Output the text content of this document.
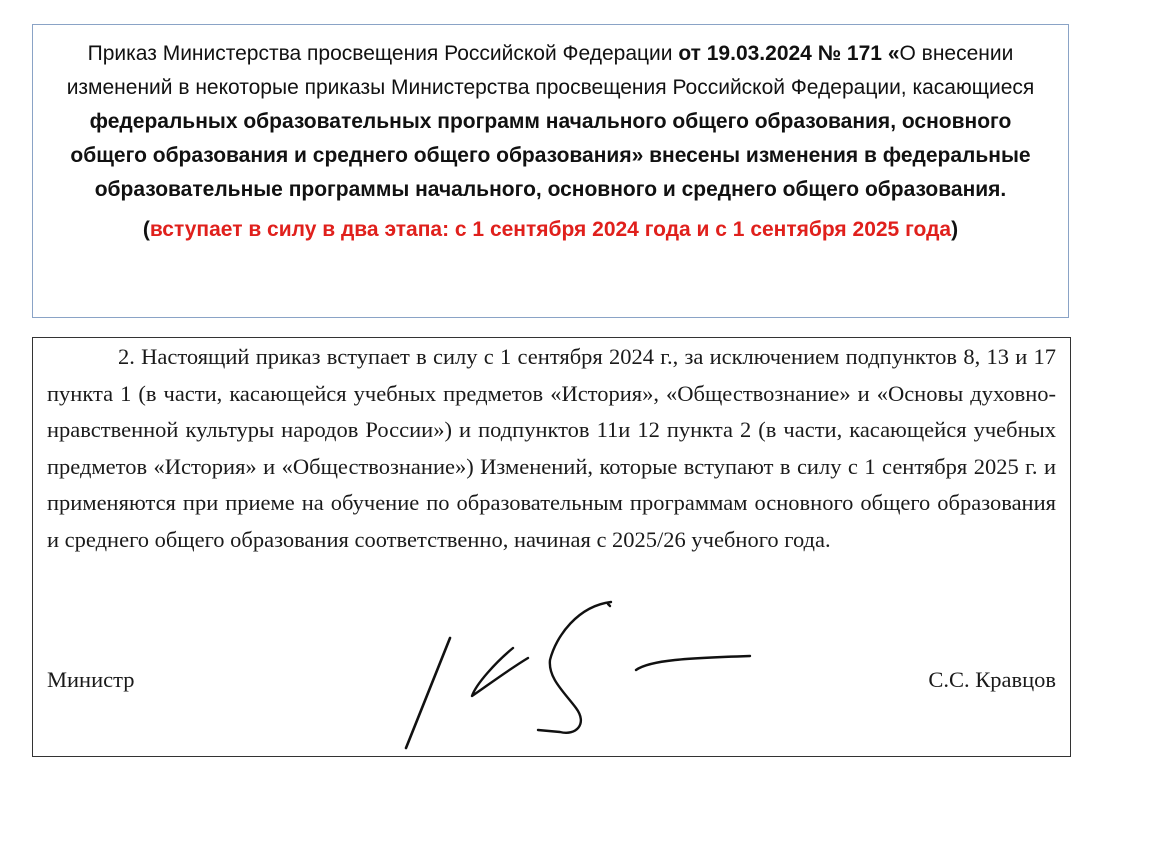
Приказ Министерства просвещения Российской Федерации от 19.03.2024 № 171 «О внесении изменений в некоторые приказы Министерства просвещения Российской Федерации, касающиеся федеральных образовательных программ начального общего образования, основного общего образования и среднего общего образования» внесены изменения в федеральные образовательные программы начального, основного и среднего общего образования.
(вступает в силу в два этапа: с 1 сентября 2024 года и с 1 сентября 2025 года)

2. Настоящий приказ вступает в силу с 1 сентября 2024 г., за исключением подпунктов 8, 13 и 17 пункта 1 (в части, касающейся учебных предметов «История», «Обществознание» и «Основы духовно-нравственной культуры народов России») и подпунктов 11и 12 пункта 2 (в части, касающейся учебных предметов «История» и «Обществознание») Изменений, которые вступают в силу с 1 сентября 2025 г. и применяются при приеме на обучение по образовательным программам основного общего образования и среднего общего образования соответственно, начиная с 2025/26 учебного года.

Министр	С.С. Кравцов
